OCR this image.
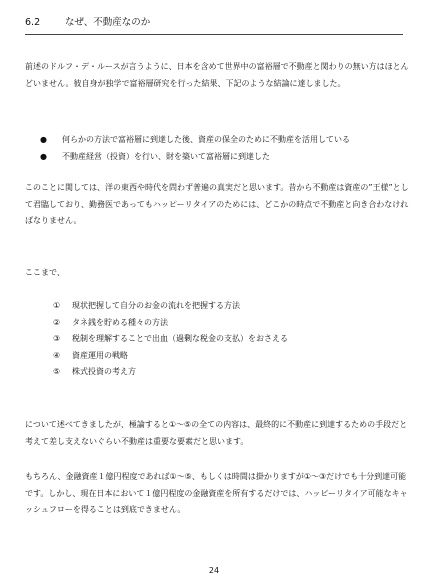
6.2	なぜ、不動産なのか

前述のドルフ・デ・ルースが言うように、日本を含めて世界中の富裕層で不動産と関わりの無い方はほとんどいません。彼自身が独学で富裕層研究を行った結果、下記のような結論に達しました。

● 何らかの方法で富裕層に到達した後、資産の保全のために不動産を活用している
● 不動産経営（投資）を行い、財を築いて富裕層に到達した

このことに関しては、洋の東西や時代を問わず普遍の真実だと思います。昔から不動産は資産の”王様”として君臨しており、勤務医であってもハッピーリタイアのためには、どこかの時点で不動産と向き合わなければなりません。

ここまで、

① 現状把握して自分のお金の流れを把握する方法
② タネ銭を貯める種々の方法
③ 税制を理解することで出血（過剰な税金の支払）をおさえる
④ 資産運用の戦略
⑤ 株式投資の考え方

について述べてきましたが、極論すると①～⑤の全ての内容は、最終的に不動産に到達するための手段だと考えて差し支えないぐらい不動産は重要な要素だと思います。

もちろん、金融資産１億円程度であれば①～⑤、もしくは時間は掛かりますが①～③だけでも十分到達可能です。しかし、現在日本において１億円程度の金融資産を所有するだけでは、ハッピーリタイア可能なキャッシュフローを得ることは到底できません。

24
